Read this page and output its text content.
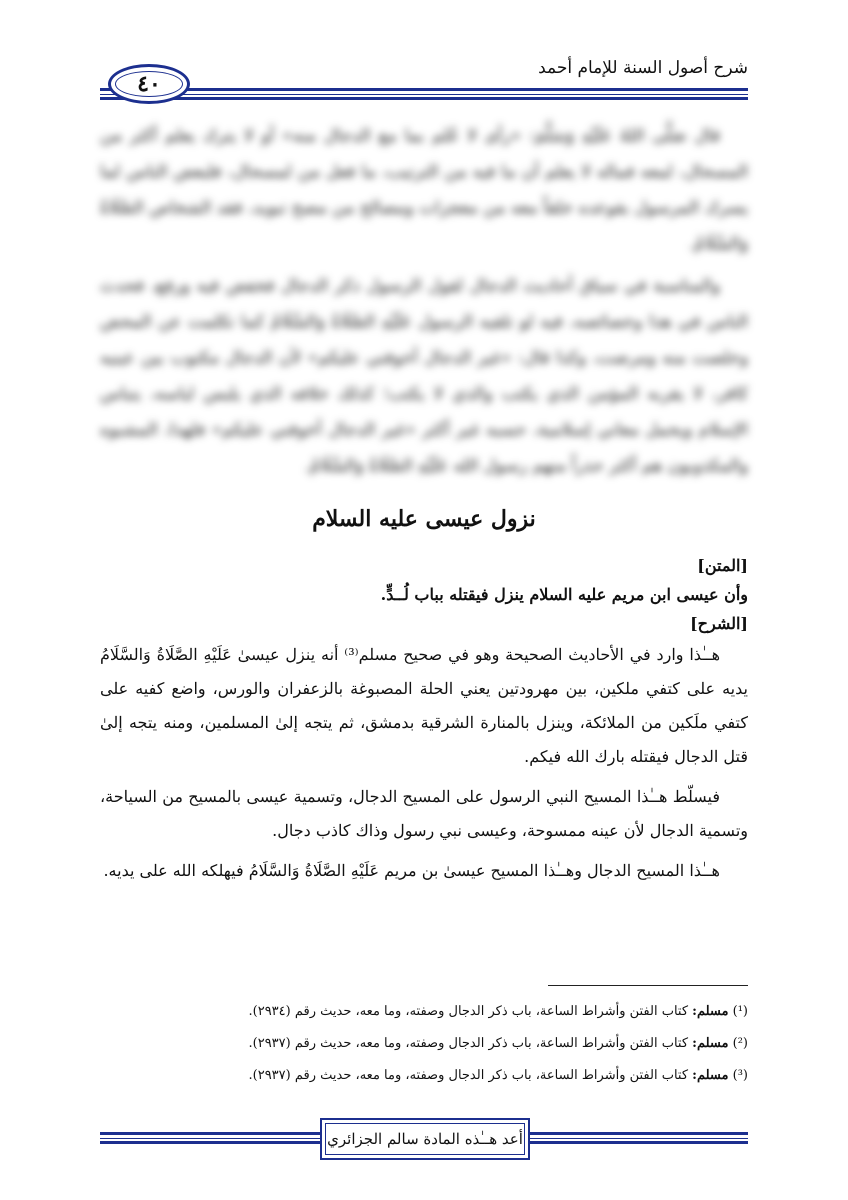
شرح أصول السنة للإمام أحمد
٤٠

قال صَلَّى اللهُ عَلَيْهِ وَسَلَّمَ: «رأى لا عُلم بما مع الدجال منه» أو لا يترك يعلم أكثر من المسحال، لمعه فماله لا يعلم أن ما فيه من الترتيب، ما فعل من لمسحال، فلبعض الناس لما يسرك المرسول بقوعده خلقاً معه من معجزات ومصالح من مصح تبويد، فقد الشخاص الصَّلَاةُ وَالسَّلَامُ.

والمناسبة في سياق أحاديث الدجال لقول الرسول ذكر الدجال فخفض فيه ورفع، فحدث الناس في هذا وخصائصه، فيه لو تلقيه الرسول عَلَيْهِ الصَّلَاةُ وَالسَّلَامُ كما تكلمت عن المحض وخلصت منه ومرضت، وكذا قال: «غير الدجال أخوفني عليكم» لأن الدجال مكتوب بين عينيه كافر، لا يقربه المؤمن الذي يكتب والذي لا يكتب؛ كذلك خلافه الذي يلبس لباسه، يتباس الإسلام ويحمل معاني إسلامية، حسبه غير أكثر «غير الدجال أخوفني عليكم» فلهذا، المشبوه والمكذوبون هم أكثر حذراً منهم رسول الله عَلَيْهِ الصَّلَاةُ وَالسَّلَامُ.

نزول عيسى عليه السلام

[المتن]

وأن عيسى ابن مريم عليه السلام ينزل فيقتله بباب لُــدٍّ.

[الشرح]

هــٰذا وارد في الأحاديث الصحيحة وهو في صحيح مسلم⁽³⁾ أنه ينزل عيسىٰ عَلَيْهِ الصَّلَاةُ وَالسَّلَامُ يديه على كتفي ملكين، بين مهرودتين يعني الحلة المصبوغة بالزعفران والورس، واضع كفيه على كتفي ملَكين من الملائكة، وينزل بالمنارة الشرقية بدمشق، ثم يتجه إلىٰ المسلمين، ومنه يتجه إلىٰ قتل الدجال فيقتله بارك الله فيكم.

فيسلّط هــٰذا المسيح النبي الرسول على المسيح الدجال، وتسمية عيسى بالمسيح من السياحة، وتسمية الدجال لأن عينه ممسوحة، وعيسى نبي رسول وذاك كاذب دجال.

هــٰذا المسيح الدجال وهــٰذا المسيح عيسىٰ بن مريم عَلَيْهِ الصَّلَاةُ وَالسَّلَامُ فيهلكه الله على يديه.

(¹) مسلم: كتاب الفتن وأشراط الساعة، باب ذكر الدجال وصفته، وما معه، حديث رقم (٢٩٣٤).

(²) مسلم: كتاب الفتن وأشراط الساعة، باب ذكر الدجال وصفته، وما معه، حديث رقم (٢٩٣٧).

(³) مسلم: كتاب الفتن وأشراط الساعة، باب ذكر الدجال وصفته، وما معه، حديث رقم (٢٩٣٧).

أعد هــٰذه المادة سالم الجزائري
